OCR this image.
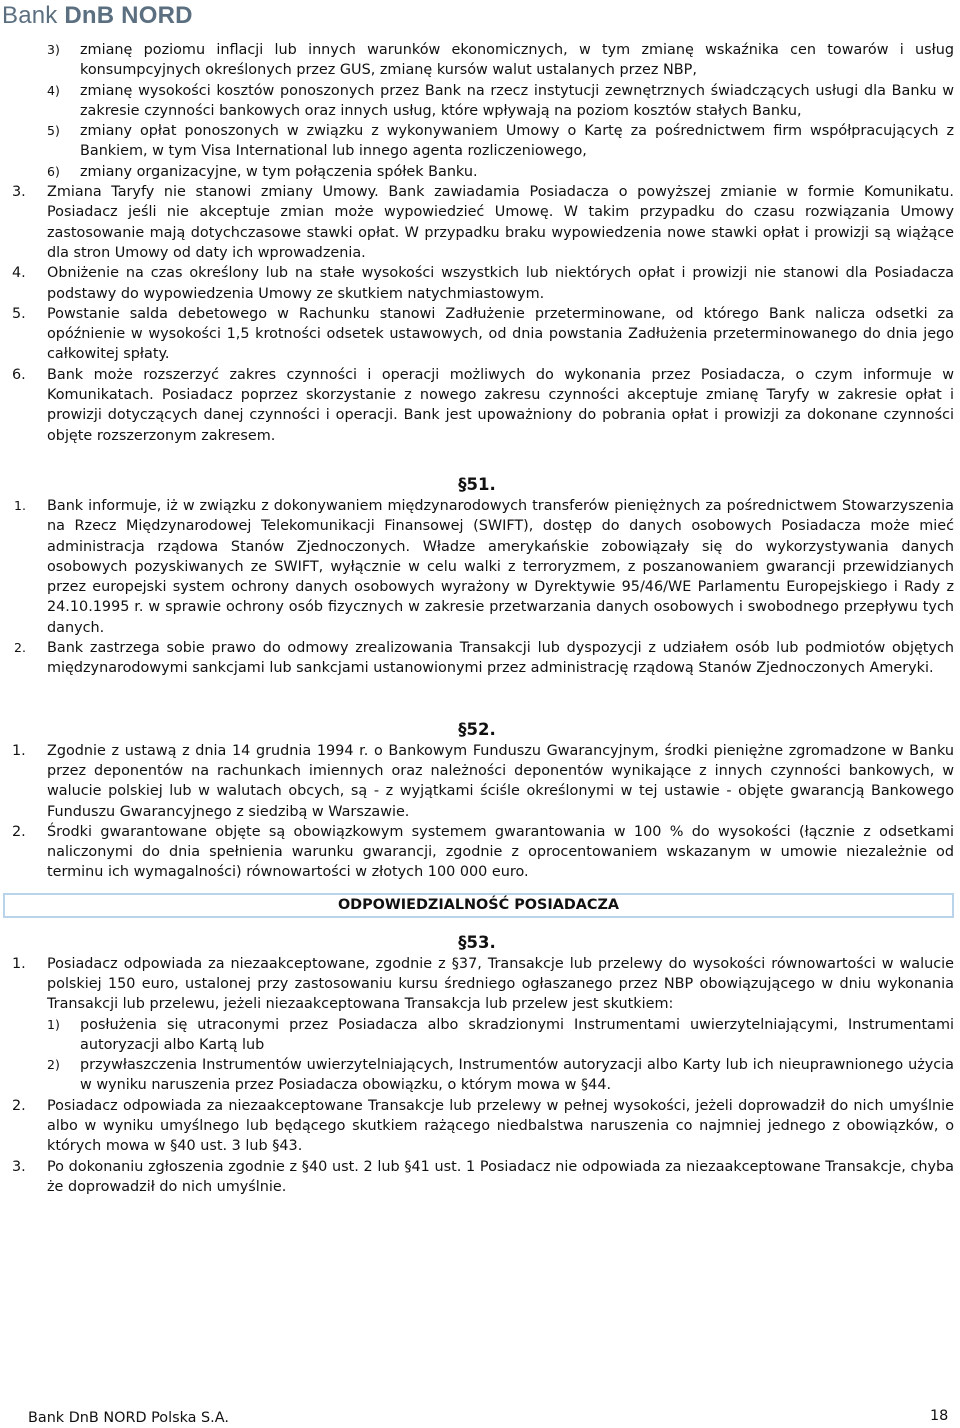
Bank DnB NORD
3) zmianę poziomu inflacji lub innych warunków ekonomicznych, w tym zmianę wskaźnika cen towarów i usług konsumpcyjnych określonych przez GUS, zmianę kursów walut ustalanych przez NBP,
4) zmianę wysokości kosztów ponoszonych przez Bank na rzecz instytucji zewnętrznych świadczących usługi dla Banku w zakresie czynności bankowych oraz innych usług, które wpływają na poziom kosztów stałych Banku,
5) zmiany opłat ponoszonych w związku z wykonywaniem Umowy o Kartę za pośrednictwem firm współpracujących z Bankiem, w tym Visa International lub innego agenta rozliczeniowego,
6) zmiany organizacyjne, w tym połączenia spółek Banku.
3. Zmiana Taryfy nie stanowi zmiany Umowy. Bank zawiadamia Posiadacza o powyższej zmianie w formie Komunikatu. Posiadacz jeśli nie akceptuje zmian może wypowiedzieć Umowę. W takim przypadku do czasu rozwiązania Umowy zastosowanie mają dotychczasowe stawki opłat. W przypadku braku wypowiedzenia nowe stawki opłat i prowizji są wiążące dla stron Umowy od daty ich wprowadzenia.
4. Obniżenie na czas określony lub na stałe wysokości wszystkich lub niektórych opłat i prowizji nie stanowi dla Posiadacza podstawy do wypowiedzenia Umowy ze skutkiem natychmiastowym.
5. Powstanie salda debetowego w Rachunku stanowi Zadłużenie przeterminowane, od którego Bank nalicza odsetki za opóźnienie w wysokości 1,5 krotności odsetek ustawowych, od dnia powstania Zadłużenia przeterminowanego do dnia jego całkowitej spłaty.
6. Bank może rozszerzyć zakres czynności i operacji możliwych do wykonania przez Posiadacza, o czym informuje w Komunikatach. Posiadacz poprzez skorzystanie z nowego zakresu czynności akceptuje zmianę Taryfy w zakresie opłat i prowizji dotyczących danej czynności i operacji. Bank jest upoważniony do pobrania opłat i prowizji za dokonane czynności objęte rozszerzonym zakresem.
§51.
1. Bank informuje, iż w związku z dokonywaniem międzynarodowych transferów pieniężnych za pośrednictwem Stowarzyszenia na Rzecz Międzynarodowej Telekomunikacji Finansowej (SWIFT), dostęp do danych osobowych Posiadacza może mieć administracja rządowa Stanów Zjednoczonych. Władze amerykańskie zobowiązały się do wykorzystywania danych osobowych pozyskiwanych ze SWIFT, wyłącznie w celu walki z terroryzmem, z poszanowaniem gwarancji przewidzianych przez europejski system ochrony danych osobowych wyrażony w Dyrektywie 95/46/WE Parlamentu Europejskiego i Rady z 24.10.1995 r. w sprawie ochrony osób fizycznych w zakresie przetwarzania danych osobowych i swobodnego przepływu tych danych.
2. Bank zastrzega sobie prawo do odmowy zrealizowania Transakcji lub dyspozycji z udziałem osób lub podmiotów objętych międzynarodowymi sankcjami lub sankcjami ustanowionymi przez administrację rządową Stanów Zjednoczonych Ameryki.
§52.
1. Zgodnie z ustawą z dnia 14 grudnia 1994 r. o Bankowym Funduszu Gwarancyjnym, środki pieniężne zgromadzone w Banku przez deponentów na rachunkach imiennych oraz należności deponentów wynikające z innych czynności bankowych, w walucie polskiej lub w walutach obcych, są - z wyjątkami ściśle określonymi w tej ustawie - objęte gwarancją Bankowego Funduszu Gwarancyjnego z siedzibą w Warszawie.
2. Środki gwarantowane objęte są obowiązkowym systemem gwarantowania w 100 % do wysokości (łącznie z odsetkami naliczonymi do dnia spełnienia warunku gwarancji, zgodnie z oprocentowaniem wskazanym w umowie niezależnie od terminu ich wymagalności) równowartości w złotych 100 000 euro.
ODPOWIEDZIALNOŚĆ POSIADACZA
§53.
1. Posiadacz odpowiada za niezaakceptowane, zgodnie z §37, Transakcje lub przelewy do wysokości równowartości w walucie polskiej 150 euro, ustalonej przy zastosowaniu kursu średniego ogłaszanego przez NBP obowiązującego w dniu wykonania Transakcji lub przelewu, jeżeli niezaakceptowana Transakcja lub przelew jest skutkiem:
1) posłużenia się utraconymi przez Posiadacza albo skradzionymi Instrumentami uwierzytelniającymi, Instrumentami autoryzacji albo Kartą lub
2) przywłaszczenia Instrumentów uwierzytelniających, Instrumentów autoryzacji albo Karty lub ich nieuprawnionego użycia w wyniku naruszenia przez Posiadacza obowiązku, o którym mowa w §44.
2. Posiadacz odpowiada za niezaakceptowane Transakcje lub przelewy w pełnej wysokości, jeżeli doprowadził do nich umyślnie albo w wyniku umyślnego lub będącego skutkiem rażącego niedbalstwa naruszenia co najmniej jednego z obowiązków, o których mowa w §40 ust. 3 lub §43.
3. Po dokonaniu zgłoszenia zgodnie z §40 ust. 2 lub §41 ust. 1 Posiadacz nie odpowiada za niezaakceptowane Transakcje, chyba że doprowadził do nich umyślnie.
Bank DnB NORD Polska S.A.	18
